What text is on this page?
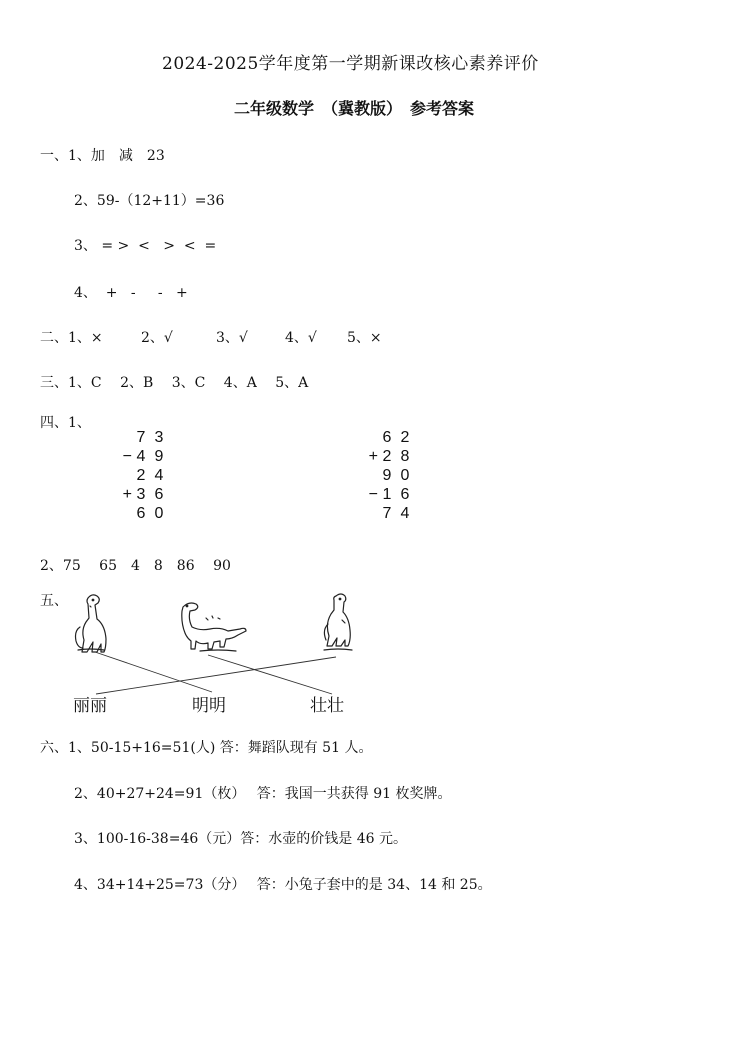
2024-2025学年度第一学期新课改核心素养评价
二年级数学　（冀教版）　参考答案
一、1、加　减　23
2、59-（12+11）=36
3、 = >  <   >  <  =
4、  +   -     -   +
二、1、×	2、√	3、√	4、√ 5、×
三、1、C　 2、B　 3、C　 4、A　 5、A
四、1、
7 3
− 4 9
2 4
+ 3 6
6 0
6 2
+ 2 8
9 0
− 1 6
7 4
2、75　 65　4　8　86　 90
五、
丽丽	明明	壮壮
六、1、50-15+16=51(人) 答：舞蹈队现有 51 人。
2、40+27+24=91（枚）　 答：我国一共获得 91 枚奖牌。
3、100-16-38=46（元）答：水壶的价钱是 46 元。
4、34+14+25=73（分）　 答：小兔子套中的是 34、14 和 25。
